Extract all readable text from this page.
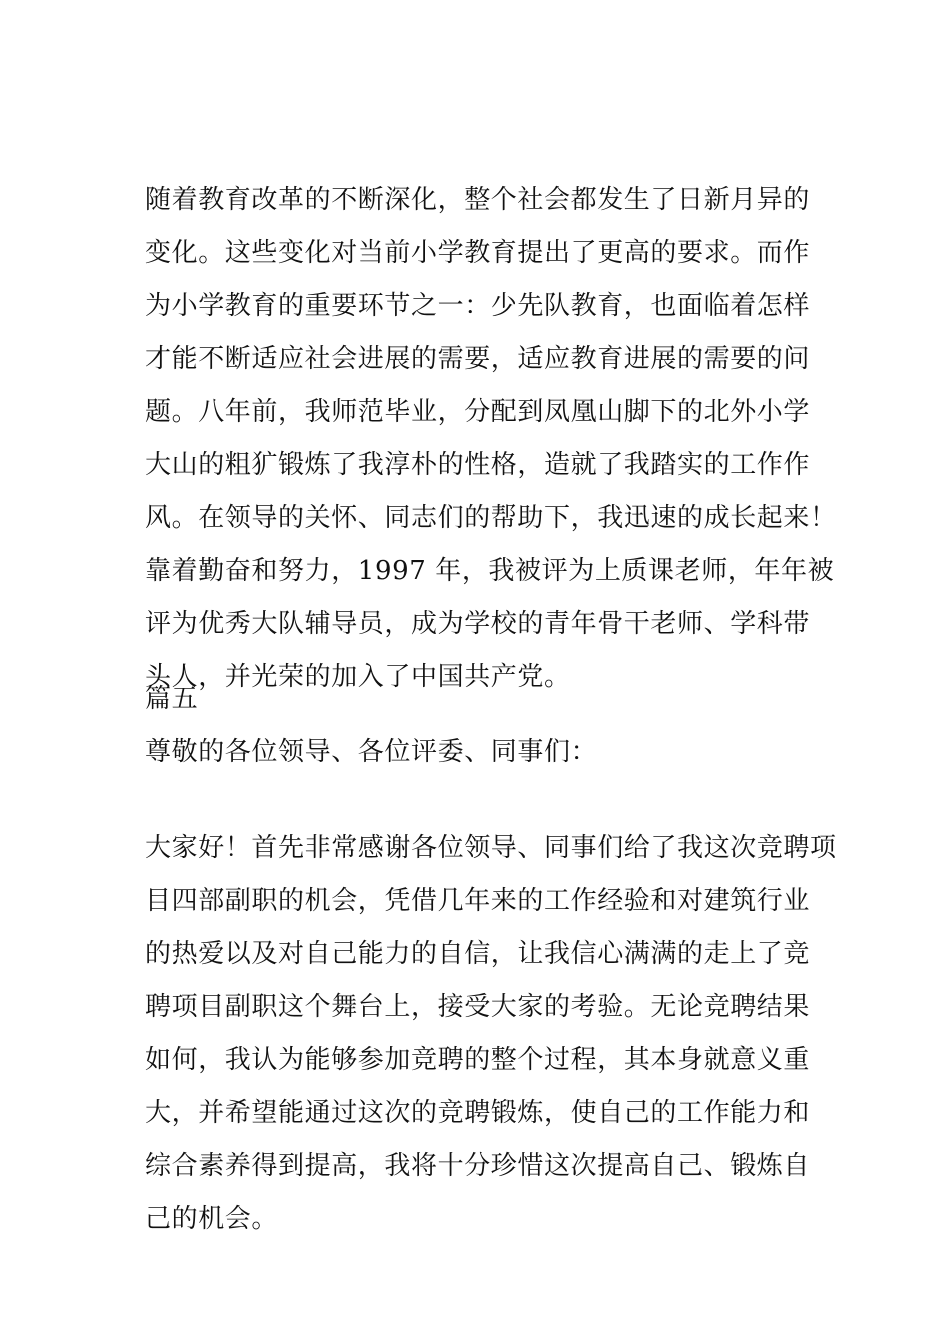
随着教育改革的不断深化，整个社会都发生了日新月异的
变化。这些变化对当前小学教育提出了更高的要求。而作
为小学教育的重要环节之一：少先队教育，也面临着怎样
才能不断适应社会进展的需要，适应教育进展的需要的问
题。八年前，我师范毕业，分配到凤凰山脚下的北外小学
大山的粗犷锻炼了我淳朴的性格，造就了我踏实的工作作
风。在领导的关怀、同志们的帮助下，我迅速的成长起来！
靠着勤奋和努力，1997 年，我被评为上质课老师，年年被
评为优秀大队辅导员，成为学校的青年骨干老师、学科带
头人，并光荣的加入了中国共产党。
篇五
尊敬的各位领导、各位评委、同事们：
大家好！首先非常感谢各位领导、同事们给了我这次竞聘项
目四部副职的机会，凭借几年来的工作经验和对建筑行业
的热爱以及对自己能力的自信，让我信心满满的走上了竞
聘项目副职这个舞台上，接受大家的考验。无论竞聘结果
如何，我认为能够参加竞聘的整个过程，其本身就意义重
大，并希望能通过这次的竞聘锻炼，使自己的工作能力和
综合素养得到提高，我将十分珍惜这次提高自己、锻炼自
己的机会。
